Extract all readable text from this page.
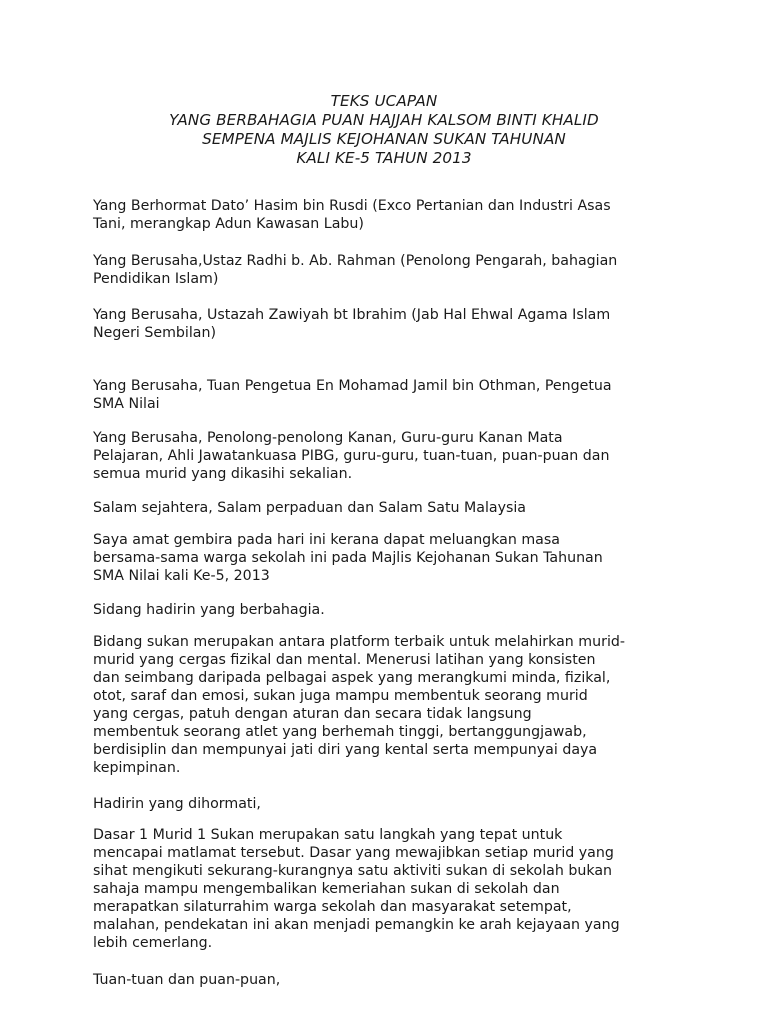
TEKS UCAPAN
YANG BERBAHAGIA PUAN HAJJAH KALSOM BINTI KHALID
SEMPENA MAJLIS KEJOHANAN SUKAN TAHUNAN
KALI KE-5 TAHUN 2013
Yang Berhormat Dato’ Hasim bin Rusdi (Exco Pertanian dan Industri Asas
Tani, merangkap Adun Kawasan Labu)
Yang Berusaha,Ustaz Radhi b. Ab. Rahman (Penolong Pengarah, bahagian
Pendidikan Islam)
Yang Berusaha, Ustazah Zawiyah bt Ibrahim (Jab Hal Ehwal Agama Islam
Negeri Sembilan)
Yang Berusaha, Tuan Pengetua En Mohamad Jamil bin Othman, Pengetua
SMA Nilai
Yang Berusaha, Penolong-penolong Kanan, Guru-guru Kanan Mata
Pelajaran, Ahli Jawatankuasa PIBG, guru-guru, tuan-tuan, puan-puan dan
semua murid yang dikasihi sekalian.
Salam sejahtera, Salam perpaduan dan Salam Satu Malaysia
Saya amat gembira pada hari ini kerana dapat meluangkan masa
bersama-sama warga sekolah ini pada Majlis Kejohanan Sukan Tahunan
SMA Nilai kali Ke-5, 2013
Sidang hadirin yang berbahagia.
Bidang sukan merupakan antara platform terbaik untuk melahirkan murid-
murid yang cergas fizikal dan mental. Menerusi latihan yang konsisten
dan seimbang daripada pelbagai aspek yang merangkumi minda, fizikal,
otot, saraf dan emosi, sukan juga mampu membentuk seorang murid
yang cergas, patuh dengan aturan dan secara tidak langsung
membentuk seorang atlet yang berhemah tinggi, bertanggungjawab,
berdisiplin dan mempunyai jati diri yang kental serta mempunyai daya
kepimpinan.
Hadirin yang dihormati,
Dasar 1 Murid 1 Sukan merupakan satu langkah yang tepat untuk
mencapai matlamat tersebut. Dasar yang mewajibkan setiap murid yang
sihat mengikuti sekurang-kurangnya satu aktiviti sukan di sekolah bukan
sahaja mampu mengembalikan kemeriahan sukan di sekolah dan
merapatkan silaturrahim warga sekolah dan masyarakat setempat,
malahan, pendekatan ini akan menjadi pemangkin ke arah kejayaan yang
lebih cemerlang.
Tuan-tuan dan puan-puan,
